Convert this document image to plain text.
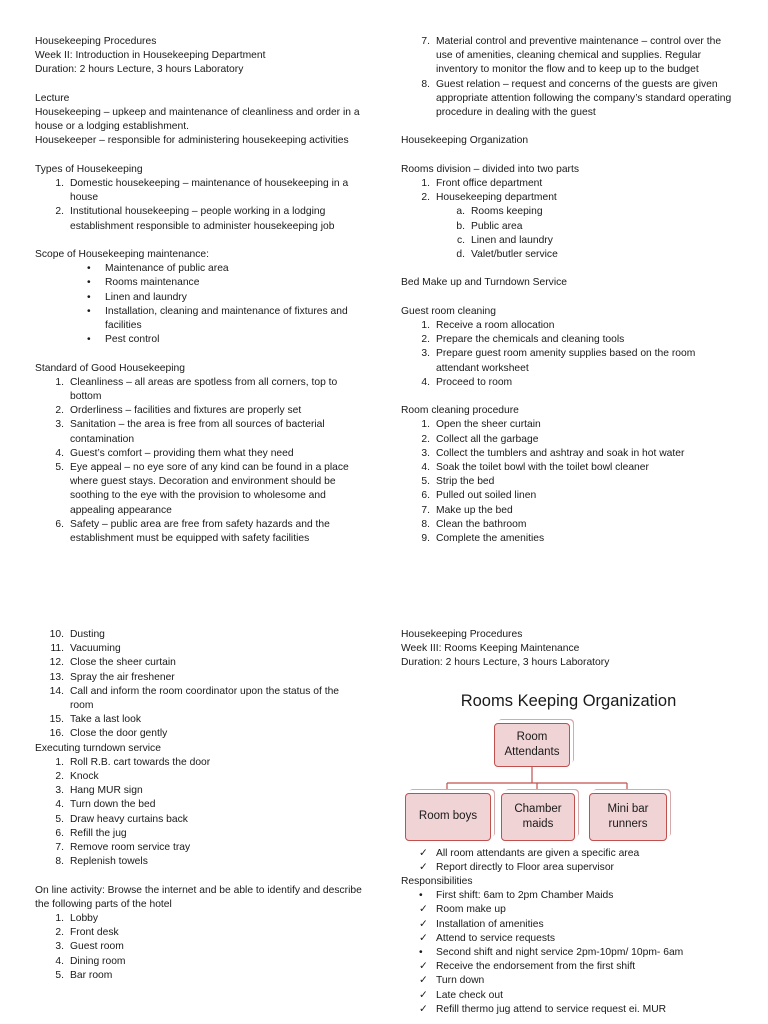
Housekeeping Procedures

Week II: Introduction in Housekeeping Department

Duration: 2 hours Lecture, 3 hours Laboratory

Lecture

Housekeeping – upkeep and maintenance of cleanliness and order in a house or a lodging establishment.

Housekeeper – responsible for administering housekeeping activities

Types of Housekeeping

1. Domestic housekeeping – maintenance of housekeeping in a house
2. Institutional housekeeping – people working in a lodging establishment responsible to administer housekeeping job

Scope of Housekeeping maintenance:

• Maintenance of public area
• Rooms maintenance
• Linen and laundry
• Installation, cleaning and maintenance of fixtures and facilities
• Pest control

Standard of Good Housekeeping

1. Cleanliness – all areas are spotless from all corners, top to bottom
2. Orderliness – facilities and fixtures are properly set
3. Sanitation – the area is free from all sources of bacterial contamination
4. Guest’s comfort – providing them what they need
5. Eye appeal – no eye sore of any kind can be found in a place where guest stays. Decoration and environment should be soothing to the eye with the provision to wholesome and appealing appearance
6. Safety – public area are free from safety hazards and the establishment must be equipped with safety facilities
7. Material control and preventive maintenance – control over the use of amenities, cleaning chemical and supplies. Regular inventory to monitor the flow and to keep up to the budget
8. Guest relation – request and concerns of the guests are given appropriate attention following the company’s standard operating procedure in dealing with the guest

Housekeeping Organization

Rooms division – divided into two parts

1. Front office department
2. Housekeeping department
a. Rooms keeping
b. Public area
c. Linen and laundry
d. Valet/butler service

Bed Make up and Turndown Service

Guest room cleaning

1. Receive a room allocation
2. Prepare the chemicals and cleaning tools
3. Prepare guest room amenity supplies based on the room attendant worksheet
4. Proceed to room

Room cleaning procedure

1. Open the sheer curtain
2. Collect all the garbage
3. Collect the tumblers and ashtray and soak in hot water
4. Soak the toilet bowl with the toilet bowl cleaner
5. Strip the bed
6. Pulled out soiled linen
7. Make up the bed
8. Clean the bathroom
9. Complete the amenities
10. Dusting
11. Vacuuming
12. Close the sheer curtain
13. Spray the air freshener
14. Call and inform the room coordinator upon the status of the room
15. Take a last look
16. Close the door gently

Executing turndown service

1. Roll R.B. cart towards the door
2. Knock
3. Hang MUR sign
4. Turn down the bed
5. Draw heavy curtains back
6. Refill the jug
7. Remove room service tray
8. Replenish towels

On line activity: Browse the internet and be able to identify and describe the following parts of the hotel

1. Lobby
2. Front desk
3. Guest room
4. Dining room
5. Bar room

Housekeeping Procedures

Week III: Rooms Keeping Maintenance

Duration: 2 hours Lecture, 3 hours Laboratory

Rooms Keeping Organization
Room Attendants
Room boys
Chamber maids
Mini bar runners
✓ All room attendants are given a specific area
✓ Report directly to Floor area supervisor

Responsibilities

• First shift: 6am to 2pm Chamber Maids
✓ Room make up
✓ Installation of amenities
✓ Attend to service requests
• Second shift and night service 2pm-10pm/ 10pm- 6am
✓ Receive the endorsement from the first shift
✓ Turn down
✓ Late check out
✓ Refill thermo jug attend to service request ei. MUR
